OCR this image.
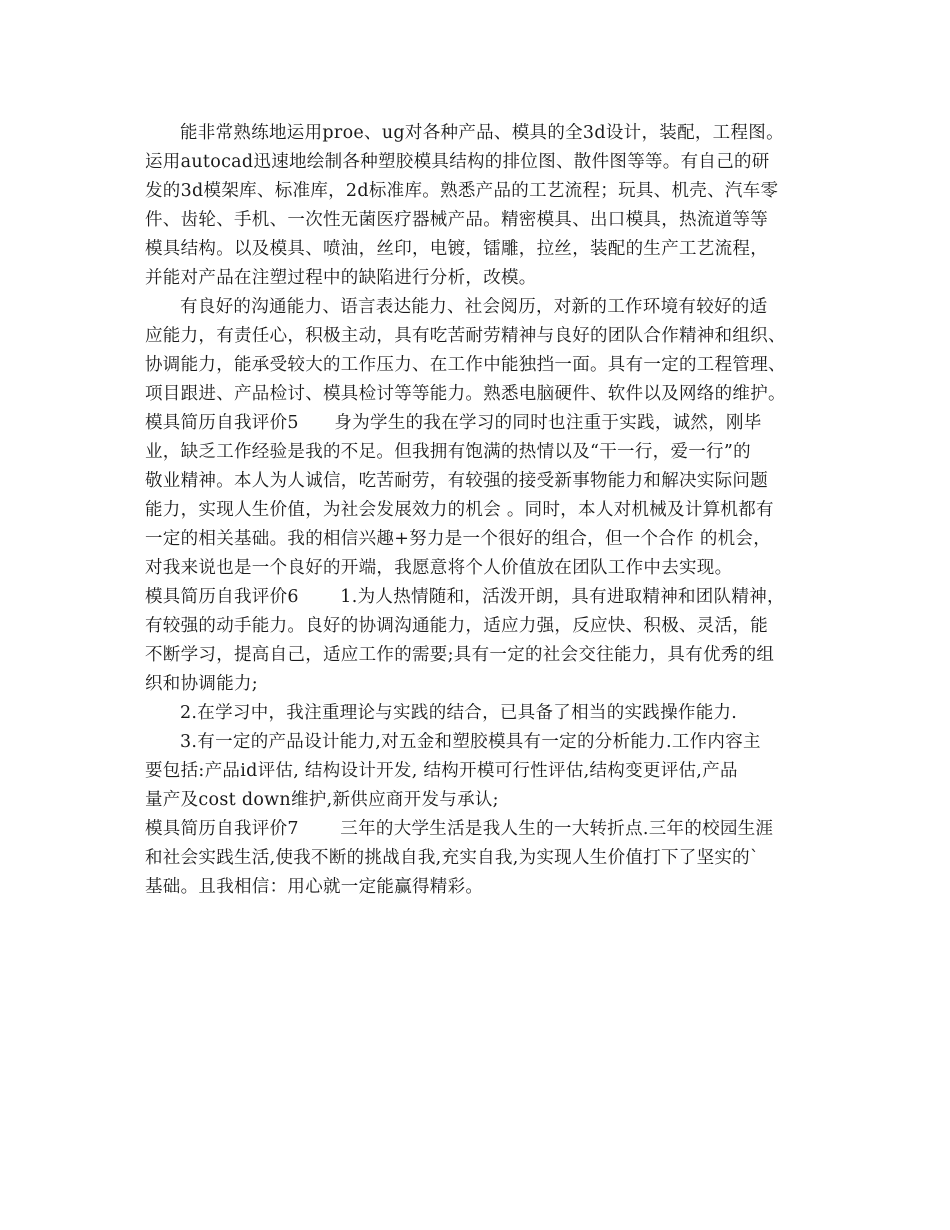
能非常熟练地运用proe、ug对各种产品、模具的全3d设计，装配，工程图。
运用autocad迅速地绘制各种塑胶模具结构的排位图、散件图等等。有自己的研
发的3d模架库、标准库，2d标准库。熟悉产品的工艺流程；玩具、机壳、汽车零
件、齿轮、手机、一次性无菌医疗器械产品。精密模具、出口模具，热流道等等
模具结构。以及模具、喷油，丝印，电镀，镭雕，拉丝，装配的生产工艺流程，
并能对产品在注塑过程中的缺陷进行分析，改模。
有良好的沟通能力、语言表达能力、社会阅历，对新的工作环境有较好的适
应能力，有责任心，积极主动，具有吃苦耐劳精神与良好的团队合作精神和组织、
协调能力，能承受较大的工作压力、在工作中能独挡一面。具有一定的工程管理、
项目跟进、产品检讨、模具检讨等等能力。熟悉电脑硬件、软件以及网络的维护。
模具简历自我评价5　　身为学生的我在学习的同时也注重于实践，诚然，刚毕
业，缺乏工作经验是我的不足。但我拥有饱满的热情以及“干一行，爱一行”的
敬业精神。本人为人诚信，吃苦耐劳，有较强的接受新事物能力和解决实际问题
能力，实现人生价值，为社会发展效力的机会 。同时，本人对机械及计算机都有
一定的相关基础。我的相信兴趣+努力是一个很好的组合，但一个合作 的机会，
对我来说也是一个良好的开端，我愿意将个人价值放在团队工作中去实现。
模具简历自我评价6　　 1.为人热情随和，活泼开朗，具有进取精神和团队精神，
有较强的动手能力。良好的协调沟通能力，适应力强，反应快、积极、灵活，能
不断学习，提高自己，适应工作的需要;具有一定的社会交往能力，具有优秀的组
织和协调能力;
2.在学习中，我注重理论与实践的结合，已具备了相当的实践操作能力.
3.有一定的产品设计能力,对五金和塑胶模具有一定的分析能力.工作内容主
要包括:产品id评估, 结构设计开发, 结构开模可行性评估,结构变更评估,产品
量产及cost down维护,新供应商开发与承认;
模具简历自我评价7　　 三年的大学生活是我人生的一大转折点.三年的校园生涯
和社会实践生活,使我不断的挑战自我,充实自我,为实现人生价值打下了坚实的`
基础。且我相信：用心就一定能赢得精彩。
